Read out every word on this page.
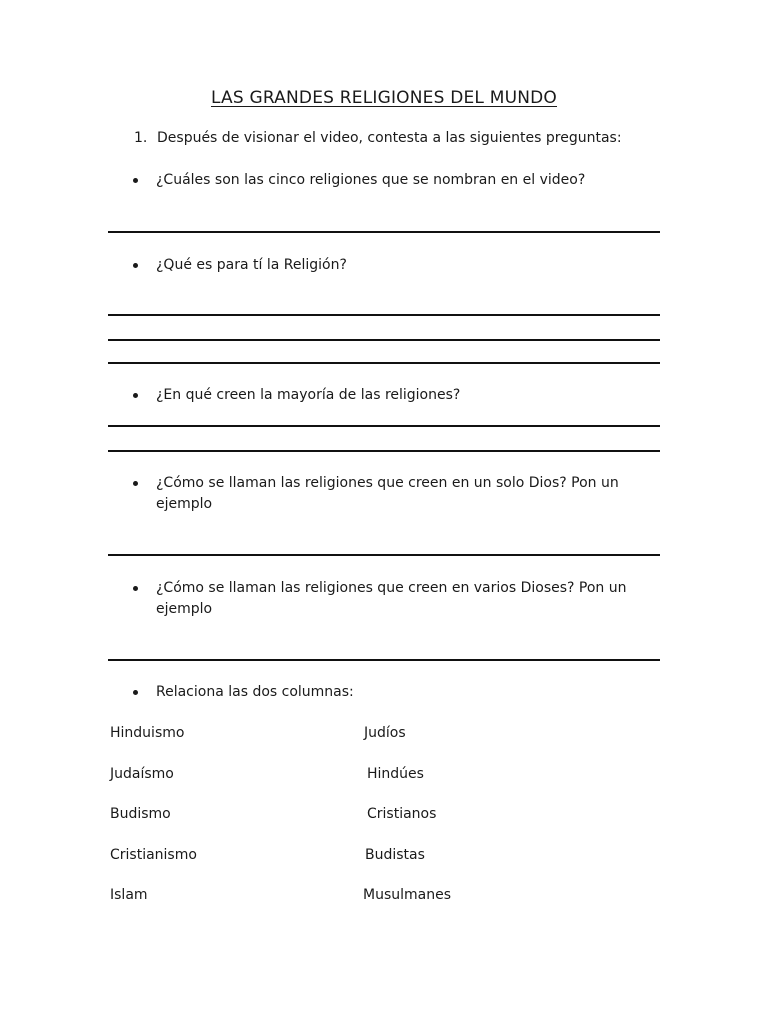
LAS GRANDES RELIGIONES DEL MUNDO
1. Después de visionar el video, contesta a las siguientes preguntas:
¿Cuáles son las cinco religiones que se nombran en el video?
¿Qué es para tí la Religión?
¿En qué creen la mayoría de las religiones?
¿Cómo se llaman las religiones que creen en un solo Dios? Pon un
ejemplo
¿Cómo se llaman las religiones que creen en varios Dioses? Pon un
ejemplo
Relaciona las dos columnas:
Hinduismo
Judaísmo
Budismo
Cristianismo
Islam
Judíos
Hindúes
Cristianos
Budistas
Musulmanes
